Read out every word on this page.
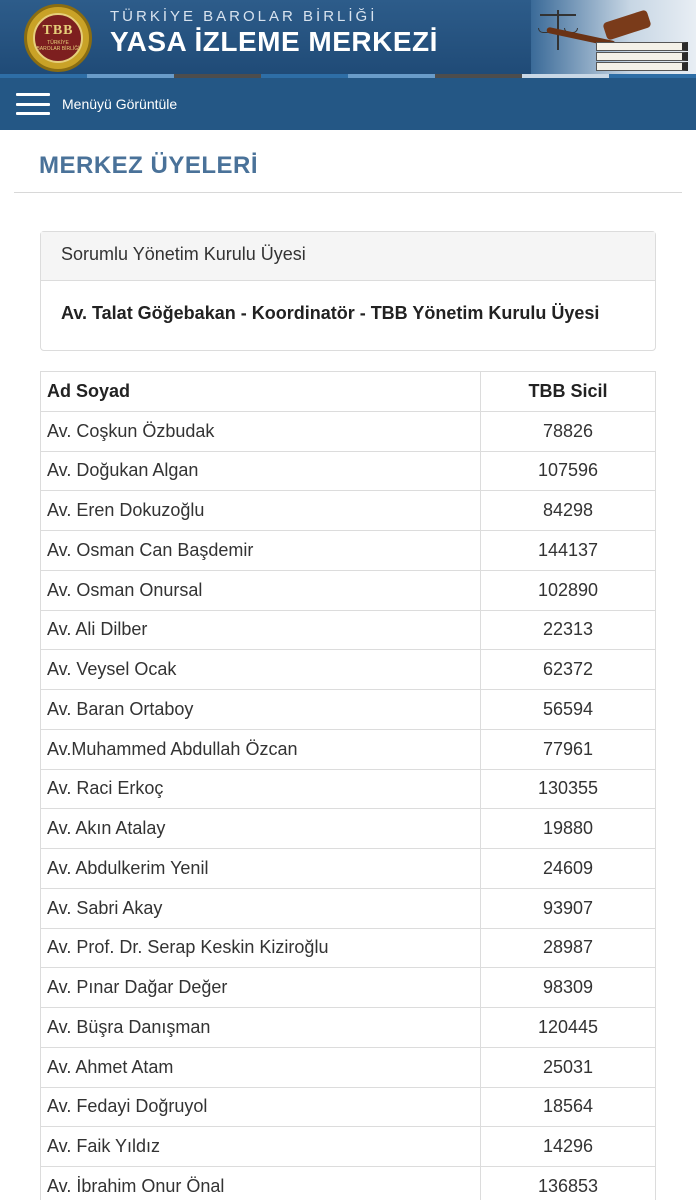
TBB
TÜRKİYE BAROLAR BİRLİĞİ
TÜRKİYE BAROLAR BİRLİĞİ
YASA İZLEME MERKEZİ
Menüyü Görüntüle
MERKEZ ÜYELERİ
Sorumlu Yönetim Kurulu Üyesi
Av. Talat Göğebakan - Koordinatör - TBB Yönetim Kurulu Üyesi
Ad Soyad	TBB Sicil
Av. Coşkun Özbudak	78826
Av. Doğukan Algan	107596
Av. Eren Dokuzoğlu	84298
Av. Osman Can Başdemir	144137
Av. Osman Onursal	102890
Av. Ali Dilber	22313
Av. Veysel Ocak	62372
Av. Baran Ortaboy	56594
Av.Muhammed Abdullah Özcan	77961
Av. Raci Erkoç	130355
Av. Akın Atalay	19880
Av. Abdulkerim Yenil	24609
Av. Sabri Akay	93907
Av. Prof. Dr. Serap Keskin Kiziroğlu	28987
Av. Pınar Dağar Değer	98309
Av. Büşra Danışman	120445
Av. Ahmet Atam	25031
Av. Fedayi Doğruyol	18564
Av. Faik Yıldız	14296
Av. İbrahim Onur Önal	136853
